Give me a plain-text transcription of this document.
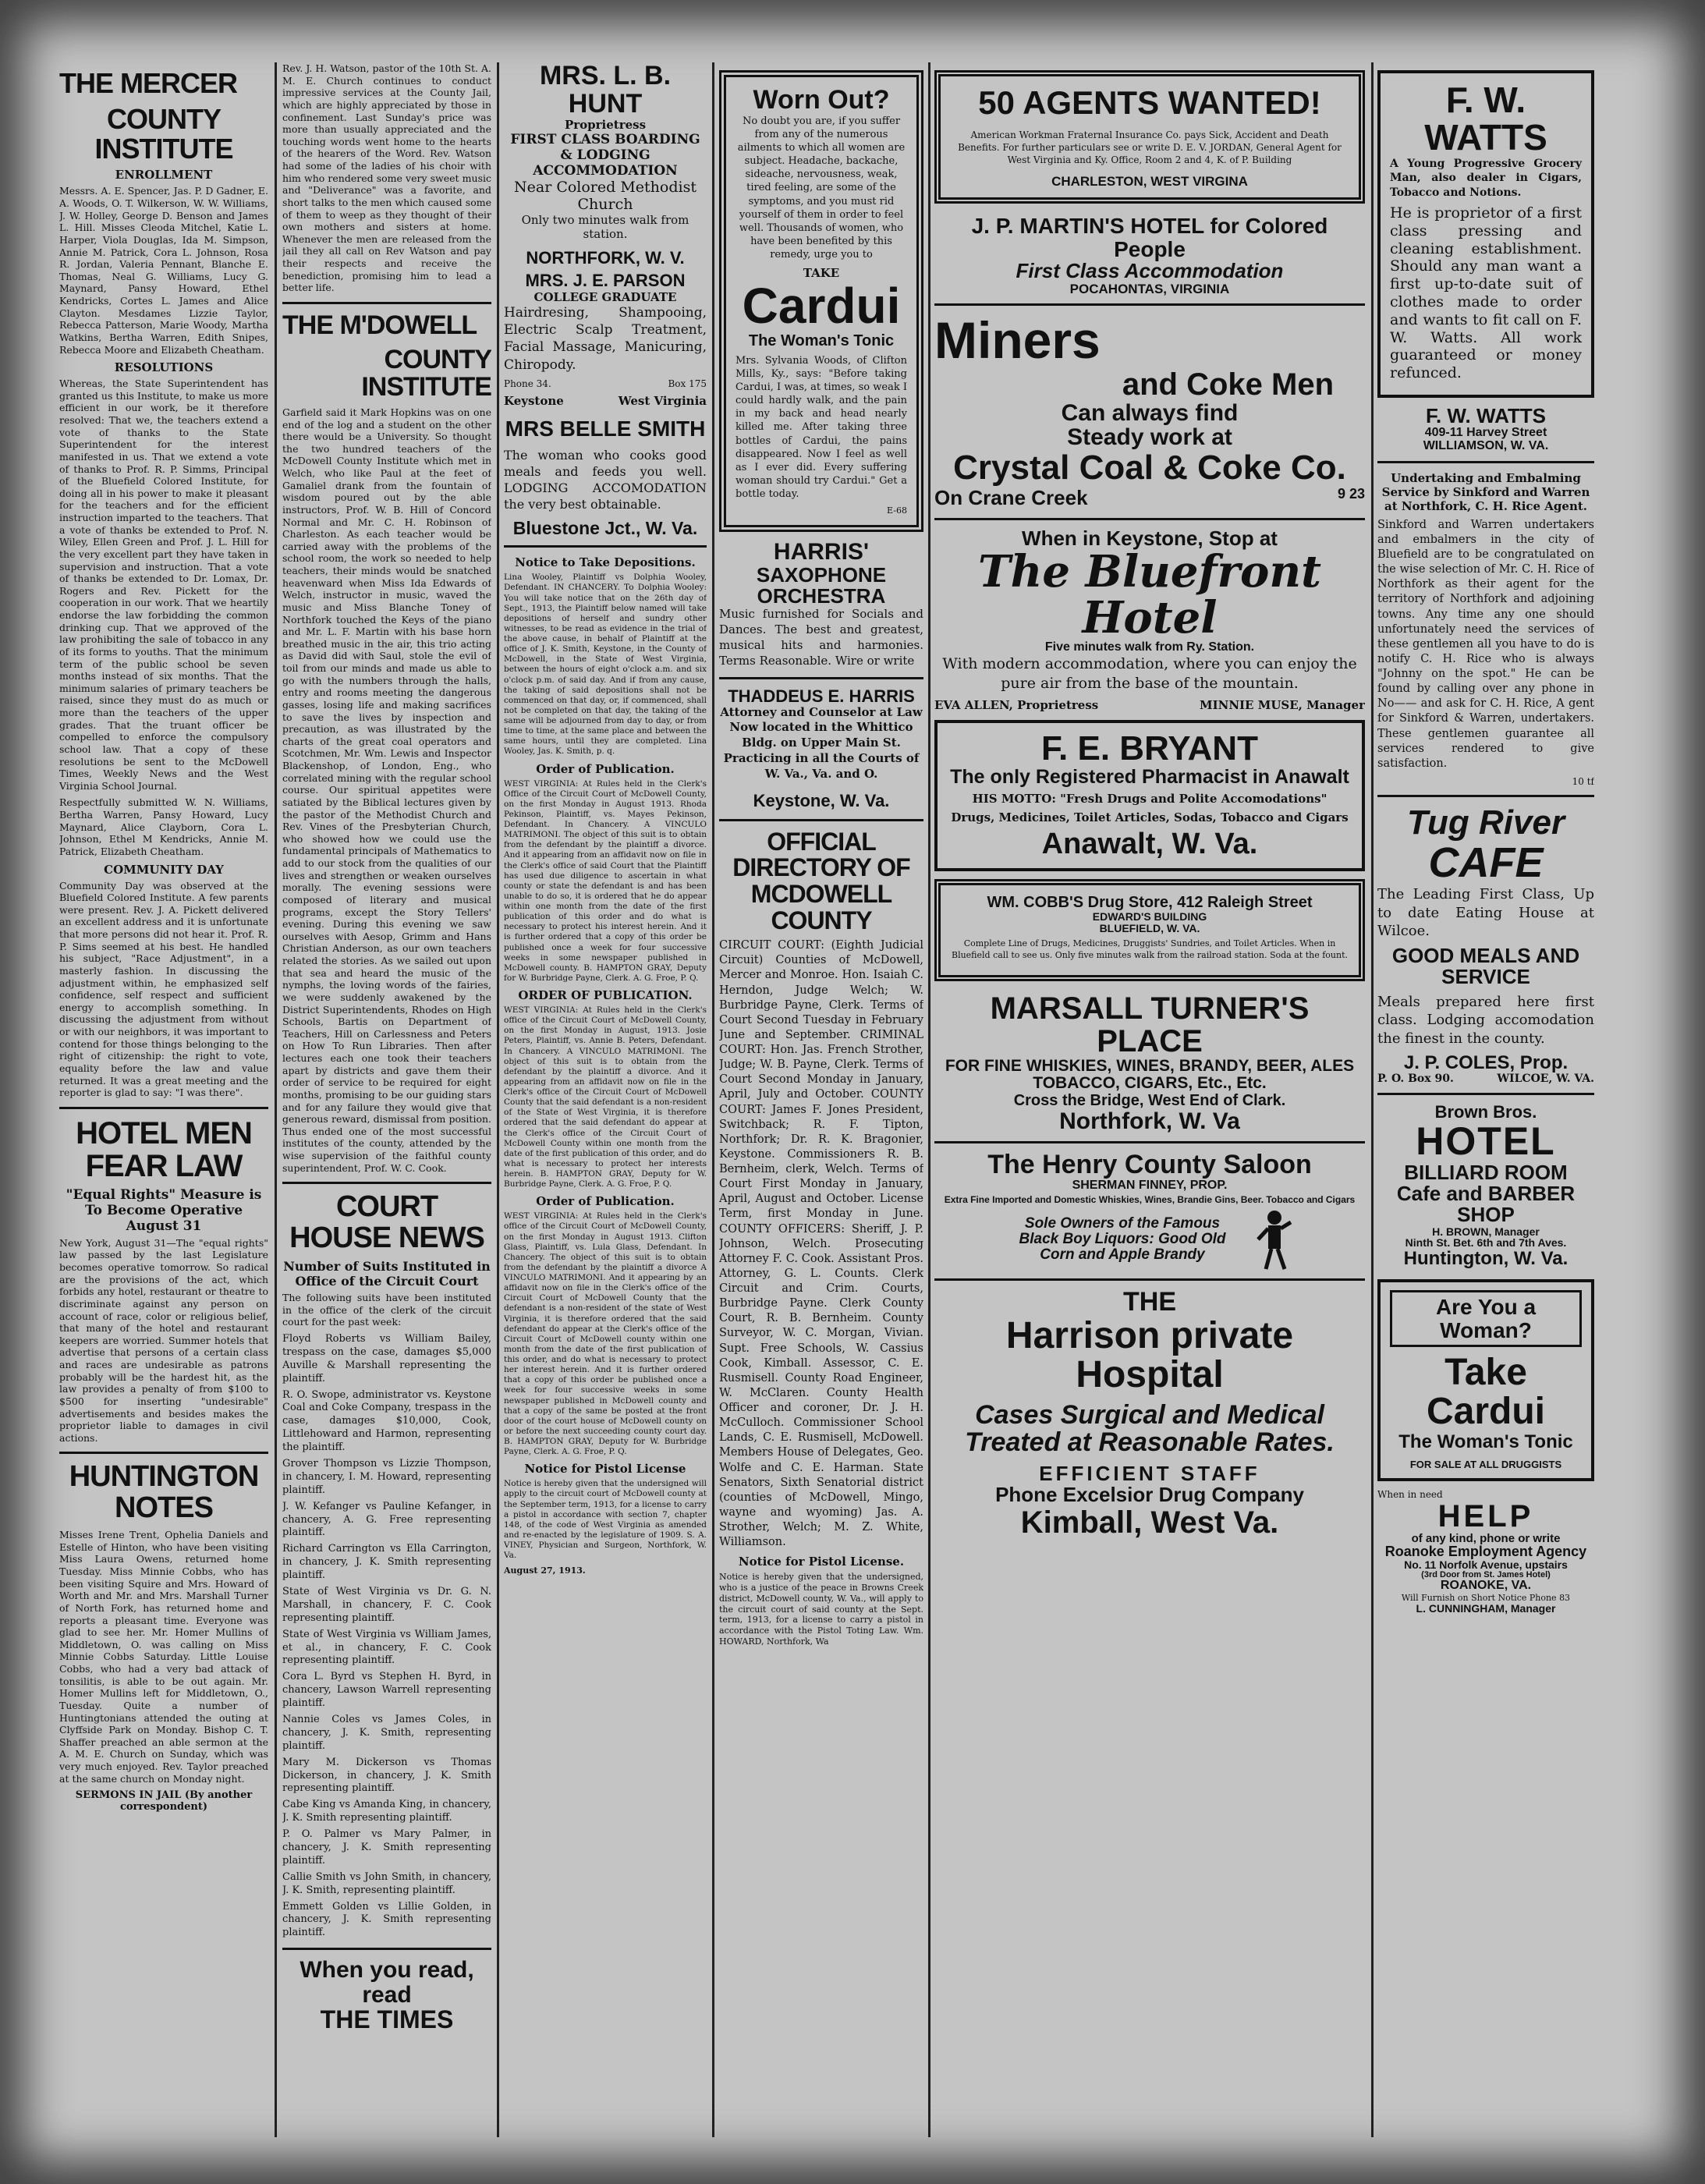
THE MERCER
COUNTY INSTITUTE
ENROLLMENT

Messrs. A. E. Spencer, Jas. P. D Gadner, E. A. Woods, O. T. Wilkerson, W. W. Williams, J. W. Holley, George D. Benson and James L. Hill. Misses Cleoda Mitchel, Katie L. Harper, Viola Douglas, Ida M. Simpson, Annie M. Patrick, Cora L. Johnson, Rosa R. Jordan, Valeria Pennant, Blanche E. Thomas, Neal G. Williams, Lucy G. Maynard, Pansy Howard, Ethel Kendricks, Cortes L. James and Alice Clayton. Mesdames Lizzie Taylor, Rebecca Patterson, Marie Woody, Martha Watkins, Bertha Warren, Edith Snipes, Rebecca Moore and Elizabeth Cheatham.

RESOLUTIONS

Whereas, the State Superintendent has granted us this Institute, to make us more efficient in our work, be it therefore resolved: That we, the teachers extend a vote of thanks to the State Superintendent for the interest manifested in us. That we extend a vote of thanks to Prof. R. P. Simms, Principal of the Bluefield Colored Institute, for doing all in his power to make it pleasant for the teachers and for the efficient instruction imparted to the teachers. That a vote of thanks be extended to Prof. N. Wiley, Ellen Green and Prof. J. L. Hill for the very excellent part they have taken in supervision and instruction. That a vote of thanks be extended to Dr. Lomax, Dr. Rogers and Rev. Pickett for the cooperation in our work. That we heartily endorse the law forbidding the common drinking cup. That we approved of the law prohibiting the sale of tobacco in any of its forms to youths. That the minimum term of the public school be seven months instead of six months. That the minimum salaries of primary teachers be raised, since they must do as much or more than the teachers of the upper grades. That the truant officer be compelled to enforce the compulsory school law. That a copy of these resolutions be sent to the McDowell Times, Weekly News and the West Virginia School Journal.

Respectfully submitted W. N. Williams, Bertha Warren, Pansy Howard, Lucy Maynard, Alice Clayborn, Cora L. Johnson, Ethel M Kendricks, Annie M. Patrick, Elizabeth Cheatham.

COMMUNITY DAY

Community Day was observed at the Bluefield Colored Institute. A few parents were present. Rev. J. A. Pickett delivered an excellent address and it is unfortunate that more persons did not hear it. Prof. R. P. Sims seemed at his best. He handled his subject, "Race Adjustment", in a masterly fashion. In discussing the adjustment within, he emphasized self confidence, self respect and sufficient energy to accomplish something. In discussing the adjustment from without or with our neighbors, it was important to contend for those things belonging to the right of citizenship: the right to vote, equality before the law and value returned. It was a great meeting and the reporter is glad to say: "I was there".

HOTEL MEN FEAR LAW
"Equal Rights" Measure is To Become Operative August 31

New York, August 31—The "equal rights" law passed by the last Legislature becomes operative tomorrow. So radical are the provisions of the act, which forbids any hotel, restaurant or theatre to discriminate against any person on account of race, color or religious belief, that many of the hotel and restaurant keepers are worried. Summer hotels that advertise that persons of a certain class and races are undesirable as patrons probably will be the hardest hit, as the law provides a penalty of from $100 to $500 for inserting "undesirable" advertisements and besides makes the proprietor liable to damages in civil actions.

HUNTINGTON NOTES

Misses Irene Trent, Ophelia Daniels and Estelle of Hinton, who have been visiting Miss Laura Owens, returned home Tuesday. Miss Minnie Cobbs, who has been visiting Squire and Mrs. Howard of Worth and Mr. and Mrs. Marshall Turner of North Fork, has returned home and reports a pleasant time. Everyone was glad to see her. Mr. Homer Mullins of Middletown, O. was calling on Miss Minnie Cobbs Saturday. Little Louise Cobbs, who had a very bad attack of tonsilitis, is able to be out again. Mr. Homer Mullins left for Middletown, O., Tuesday. Quite a number of Huntingtonians attended the outing at Clyffside Park on Monday. Bishop C. T. Shaffer preached an able sermon at the A. M. E. Church on Sunday, which was very much enjoyed. Rev. Taylor preached at the same church on Monday night.

SERMONS IN JAIL (By another correspondent)

Rev. J. H. Watson, pastor of the 10th St. A. M. E. Church continues to conduct impressive services at the County Jail, which are highly appreciated by those in confinement. Last Sunday's price was more than usually appreciated and the touching words went home to the hearts of the hearers of the Word. Rev. Watson had some of the ladies of his choir with him who rendered some very sweet music and "Deliverance" was a favorite, and short talks to the men which caused some of them to weep as they thought of their own mothers and sisters at home. Whenever the men are released from the jail they all call on Rev Watson and pay their respects and receive the benediction, promising him to lead a better life.

THE M'DOWELL
COUNTY INSTITUTE

Garfield said it Mark Hopkins was on one end of the log and a student on the other there would be a University. So thought the two hundred teachers of the McDowell County Institute which met in Welch, who like Paul at the feet of Gamaliel drank from the fountain of wisdom poured out by the able instructors, Prof. W. B. Hill of Concord Normal and Mr. C. H. Robinson of Charleston. As each teacher would be carried away with the problems of the school room, the work so needed to help teachers, their minds would be snatched heavenward when Miss Ida Edwards of Welch, instructor in music, waved the music and Miss Blanche Toney of Northfork touched the Keys of the piano and Mr. L. F. Martin with his base horn breathed music in the air, this trio acting as David did with Saul, stole the evil of toil from our minds and made us able to go with the numbers through the halls, entry and rooms meeting the dangerous gasses, losing life and making sacrifices to save the lives by inspection and precaution, as was illustrated by the charts of the great coal operators and Scotchmen, Mr. Wm. Lewis and Inspector Blackenshop, of London, Eng., who correlated mining with the regular school course. Our spiritual appetites were satiated by the Biblical lectures given by the pastor of the Methodist Church and Rev. Vines of the Presbyterian Church, who showed how we could use the fundamental principals of Mathematics to add to our stock from the qualities of our lives and strengthen or weaken ourselves morally. The evening sessions were composed of literary and musical programs, except the Story Tellers' evening. During this evening we saw ourselves with Aesop, Grimm and Hans Christian Anderson, as our own teachers related the stories. As we sailed out upon that sea and heard the music of the nymphs, the loving words of the fairies, we were suddenly awakened by the District Superintendents, Rhodes on High Schools, Bartis on Department of Teachers, Hill on Carlessness and Peters on How To Run Libraries. Then after lectures each one took their teachers apart by districts and gave them their order of service to be required for eight months, promising to be our guiding stars and for any failure they would give that generous reward, dismissal from position. Thus ended one of the most successful institutes of the county, attended by the wise supervision of the faithful county superintendent, Prof. W. C. Cook.

COURT HOUSE NEWS
Number of Suits Instituted in Office of the Circuit Court

The following suits have been instituted in the office of the clerk of the circuit court for the past week:

Floyd Roberts vs William Bailey, trespass on the case, damages $5,000 Auville & Marshall representing the plaintiff.
R. O. Swope, administrator vs. Keystone Coal and Coke Company, trespass in the case, damages $10,000, Cook, Littlehoward and Harmon, representing the plaintiff.
Grover Thompson vs Lizzie Thompson, in chancery, I. M. Howard, representing plaintiff.
J. W. Kefanger vs Pauline Kefanger, in chancery, A. G. Free representing plaintiff.
Richard Carrington vs Ella Carrington, in chancery, J. K. Smith representing plaintiff.
State of West Virginia vs Dr. G. N. Marshall, in chancery, F. C. Cook representing plaintiff.
State of West Virginia vs William James, et al., in chancery, F. C. Cook representing plaintiff.
Cora L. Byrd vs Stephen H. Byrd, in chancery, Lawson Warrell representing plaintiff.
Nannie Coles vs James Coles, in chancery, J. K. Smith, representing plaintiff.
Mary M. Dickerson vs Thomas Dickerson, in chancery, J. K. Smith representing plaintiff.
Cabe King vs Amanda King, in chancery, J. K. Smith representing plaintiff.
P. O. Palmer vs Mary Palmer, in chancery, J. K. Smith representing plaintiff.
Callie Smith vs John Smith, in chancery, J. K. Smith, representing plaintiff.
Emmett Golden vs Lillie Golden, in chancery, J. K. Smith representing plaintiff.
When you read, read
THE TIMES
MRS. L. B. HUNT
Proprietress
FIRST CLASS BOARDING & LODGING ACCOMMODATION
Near Colored Methodist Church
Only two minutes walk from station.
NORTHFORK, W. V.
MRS. J. E. PARSON
COLLEGE GRADUATE

Hairdresing, Shampooing, Electric Scalp Treatment, Facial Massage, Manicuring, Chiropody.

Phone 34.	Box 175
Keystone	West Virginia
MRS BELLE SMITH

The woman who cooks good meals and feeds you well. LODGING ACCOMODATION the very best obtainable.

Bluestone Jct., W. Va.
Notice to Take Depositions.

Lina Wooley, Plaintiff vs Dolphia Wooley, Defendant. IN CHANCERY. To Dolphia Wooley: You will take notice that on the 26th day of Sept., 1913, the Plaintiff below named will take depositions of herself and sundry other witnesses, to be read as evidence in the trial of the above cause, in behalf of Plaintiff at the office of J. K. Smith, Keystone, in the County of McDowell, in the State of West Virginia, between the hours of eight o'clock a.m. and six o'clock p.m. of said day. And if from any cause, the taking of said depositions shall not be commenced on that day, or, if commenced, shall not be completed on that day, the taking of the same will be adjourned from day to day, or from time to time, at the same place and between the same hours, until they are completed. Lina Wooley, Jas. K. Smith, p. q.

Order of Publication.

WEST VIRGINIA: At Rules held in the Clerk's Office of the Circuit Court of McDowell County, on the first Monday in August 1913. Rhoda Pekinson, Plaintiff, vs. Mayes Pekinson, Defendant. In Chancery. A VINCULO MATRIMONI. The object of this suit is to obtain from the defendant by the plaintiff a divorce. And it appearing from an affidavit now on file in the Clerk's office of said Court that the Plaintiff has used due diligence to ascertain in what county or state the defendant is and has been unable to do so, it is ordered that he do appear within one month from the date of the first publication of this order and do what is necessary to protect his interest herein. And it is further ordered that a copy of this order be published once a week for four successive weeks in some newspaper published in McDowell county. B. HAMPTON GRAY, Deputy for W. Burbridge Payne, Clerk. A. G. Froe, P. Q.

ORDER OF PUBLICATION.

WEST VIRGINIA: At Rules held in the Clerk's office of the Circuit Court of McDowell County, on the first Monday in August, 1913. Josie Peters, Plaintiff, vs. Annie B. Peters, Defendant. In Chancery. A VINCULO MATRIMONI. The object of this suit is to obtain from the defendant by the plaintiff a divorce. And it appearing from an affidavit now on file in the Clerk's office of the Circuit Court of McDowell County that the said defendant is a non-resident of the State of West Virginia, it is therefore ordered that the said defendant do appear at the Clerk's office of the Circuit Court of McDowell County within one month from the date of the first publication of this order, and do what is necessary to protect her interests herein. B. HAMPTON GRAY, Deputy for W. Burbridge Payne, Clerk. A. G. Froe, P. Q.

Order of Publication.

WEST VIRGINIA: At Rules held in the Clerk's office of the Circuit Court of McDowell County, on the first Monday in August 1913. Clifton Glass, Plaintiff, vs. Lula Glass, Defendant. In Chancery. The object of this suit is to obtain from the defendant by the plaintiff a divorce A VINCULO MATRIMONI. And it appearing by an affidavit now on file in the Clerk's office of the Circuit Court of McDowell County that the defendant is a non-resident of the state of West Virginia, it is therefore ordered that the said defendant do appear at the Clerk's office of the Circuit Court of McDowell county within one month from the date of the first publication of this order, and do what is necessary to protect her interest herein. And it is further ordered that a copy of this order be published once a week for four successive weeks in some newspaper published in McDowell county and that a copy of the same be posted at the front door of the court house of McDowell county on or before the next succeeding county court day. B. HAMPTON GRAY, Deputy for W. Burbridge Payne, Clerk. A. G. Froe, P. Q.

Notice for Pistol License

Notice is hereby given that the undersigned will apply to the circuit court of McDowell county at the September term, 1913, for a license to carry a pistol in accordance with section 7, chapter 148, of the code of West Virginia as amended and re-enacted by the legislature of 1909. S. A. VINEY, Physician and Surgeon, Northfork, W. Va.

August 27, 1913.
Worn Out?

No doubt you are, if you suffer from any of the numerous ailments to which all women are subject. Headache, backache, sideache, nervousness, weak, tired feeling, are some of the symptoms, and you must rid yourself of them in order to feel well. Thousands of women, who have been benefited by this remedy, urge you to

TAKE
Cardui
The Woman's Tonic

Mrs. Sylvania Woods, of Clifton Mills, Ky., says: "Before taking Cardui, I was, at times, so weak I could hardly walk, and the pain in my back and head nearly killed me. After taking three bottles of Cardui, the pains disappeared. Now I feel as well as I ever did. Every suffering woman should try Cardui." Get a bottle today.

E-68
HARRIS'
SAXOPHONE ORCHESTRA

Music furnished for Socials and Dances. The best and greatest, musical hits and harmonies. Terms Reasonable. Wire or write

THADDEUS E. HARRIS

Attorney and Counselor at Law Now located in the Whittico Bldg. on Upper Main St. Practicing in all the Courts of W. Va., Va. and O.

Keystone, W. Va.
OFFICIAL DIRECTORY OF MCDOWELL COUNTY

CIRCUIT COURT: (Eighth Judicial Circuit) Counties of McDowell, Mercer and Monroe. Hon. Isaiah C. Herndon, Judge Welch; W. Burbridge Payne, Clerk. Terms of Court Second Tuesday in February June and September. CRIMINAL COURT: Hon. Jas. French Strother, Judge; W. B. Payne, Clerk. Terms of Court Second Monday in January, April, July and October. COUNTY COURT: James F. Jones President, Switchback; R. F. Tipton, Northfork; Dr. R. K. Bragonier, Keystone. Commissioners R. B. Bernheim, clerk, Welch. Terms of Court First Monday in January, April, August and October. License Term, first Monday in June. COUNTY OFFICERS: Sheriff, J. P. Johnson, Welch. Prosecuting Attorney F. C. Cook. Assistant Pros. Attorney, G. L. Counts. Clerk Circuit and Crim. Courts, Burbridge Payne. Clerk County Court, R. B. Bernheim. County Surveyor, W. C. Morgan, Vivian. Supt. Free Schools, W. Cassius Cook, Kimball. Assessor, C. E. Rusmisell. County Road Engineer, W. McClaren. County Health Officer and coroner, Dr. J. H. McCulloch. Commissioner School Lands, C. E. Rusmisell, McDowell. Members House of Delegates, Geo. Wolfe and C. E. Harman. State Senators, Sixth Senatorial district (counties of McDowell, Mingo, wayne and wyoming) Jas. A. Strother, Welch; M. Z. White, Williamson.

Notice for Pistol License.

Notice is hereby given that the undersigned, who is a justice of the peace in Browns Creek district, McDowell county, W. Va., will apply to the circuit court of said county at the Sept. term, 1913, for a license to carry a pistol in accordance with the Pistol Toting Law. Wm. HOWARD, Northfork, Wa

50 AGENTS WANTED!

American Workman Fraternal Insurance Co. pays Sick, Accident and Death Benefits. For further particulars see or write D. E. V. JORDAN, General Agent for West Virginia and Ky. Office, Room 2 and 4, K. of P. Building

CHARLESTON, WEST VIRGINA
J. P. MARTIN'S HOTEL for Colored People
First Class Accommodation
POCAHONTAS, VIRGINIA
Miners
and Coke Men
Can always find
Steady work at
Crystal Coal & Coke Co.
On Crane Creek	9 23
When in Keystone, Stop at
The Bluefront Hotel
Five minutes walk from Ry. Station.

With modern accommodation, where you can enjoy the pure air from the base of the mountain.

EVA ALLEN, Proprietress	MINNIE MUSE, Manager
F. E. BRYANT
The only Registered Pharmacist in Anawalt
HIS MOTTO: "Fresh Drugs and Polite Accomodations"
Drugs, Medicines, Toilet Articles, Sodas, Tobacco and Cigars
Anawalt, W. Va.
WM. COBB'S Drug Store, 412 Raleigh Street
EDWARD'S BUILDING
BLUEFIELD, W. VA.

Complete Line of Drugs, Medicines, Druggists' Sundries, and Toilet Articles. When in Bluefield call to see us. Only five minutes walk from the railroad station. Soda at the fount.

MARSALL TURNER'S PLACE
FOR FINE WHISKIES, WINES, BRANDY, BEER, ALES TOBACCO, CIGARS, Etc., Etc.
Cross the Bridge, West End of Clark.
Northfork, W. Va
The Henry County Saloon
SHERMAN FINNEY, PROP.
Extra Fine Imported and Domestic Whiskies, Wines, Brandie Gins, Beer. Tobacco and Cigars
Sole Owners of the Famous Black Boy Liquors: Good Old Corn and Apple Brandy
THE
Harrison private Hospital
Cases Surgical and Medical Treated at Reasonable Rates.
EFFICIENT STAFF
Phone Excelsior Drug Company
Kimball, West Va.
F. W. WATTS

A Young Progressive Grocery Man, also dealer in Cigars, Tobacco and Notions.

He is proprietor of a first class pressing and cleaning establishment. Should any man want a first up-to-date suit of clothes made to order and wants to fit call on F. W. Watts. All work guaranteed or money refunced.

F. W. WATTS
409-11 Harvey Street
WILLIAMSON, W. VA.
Undertaking and Embalming Service by Sinkford and Warren at Northfork, C. H. Rice Agent.

Sinkford and Warren undertakers and embalmers in the city of Bluefield are to be congratulated on the wise selection of Mr. C. H. Rice of Northfork as their agent for the territory of Northfork and adjoining towns. Any time any one should unfortunately need the services of these gentlemen all you have to do is notify C. H. Rice who is always "Johnny on the spot." He can be found by calling over any phone in No—— and ask for C. H. Rice, A gent for Sinkford & Warren, undertakers. These gentlemen guarantee all services rendered to give satisfaction.

10 tf
Tug River
CAFE

The Leading First Class, Up to date Eating House at Wilcoe.

GOOD MEALS AND SERVICE

Meals prepared here first class. Lodging accomodation the finest in the county.

J. P. COLES, Prop.
P. O. Box 90.	WILCOE, W. VA.
Brown Bros.
HOTEL
BILLIARD ROOM
Cafe and BARBER SHOP
H. BROWN, Manager
Ninth St. Bet. 6th and 7th Aves.
Huntington, W. Va.
Are You a Woman?
Take Cardui
The Woman's Tonic
FOR SALE AT ALL DRUGGISTS
When in need
HELP
of any kind, phone or write
Roanoke Employment Agency
No. 11 Norfolk Avenue, upstairs
(3rd Door from St. James Hotel)
ROANOKE, VA.
Will Furnish on Short Notice Phone 83
L. CUNNINGHAM, Manager
